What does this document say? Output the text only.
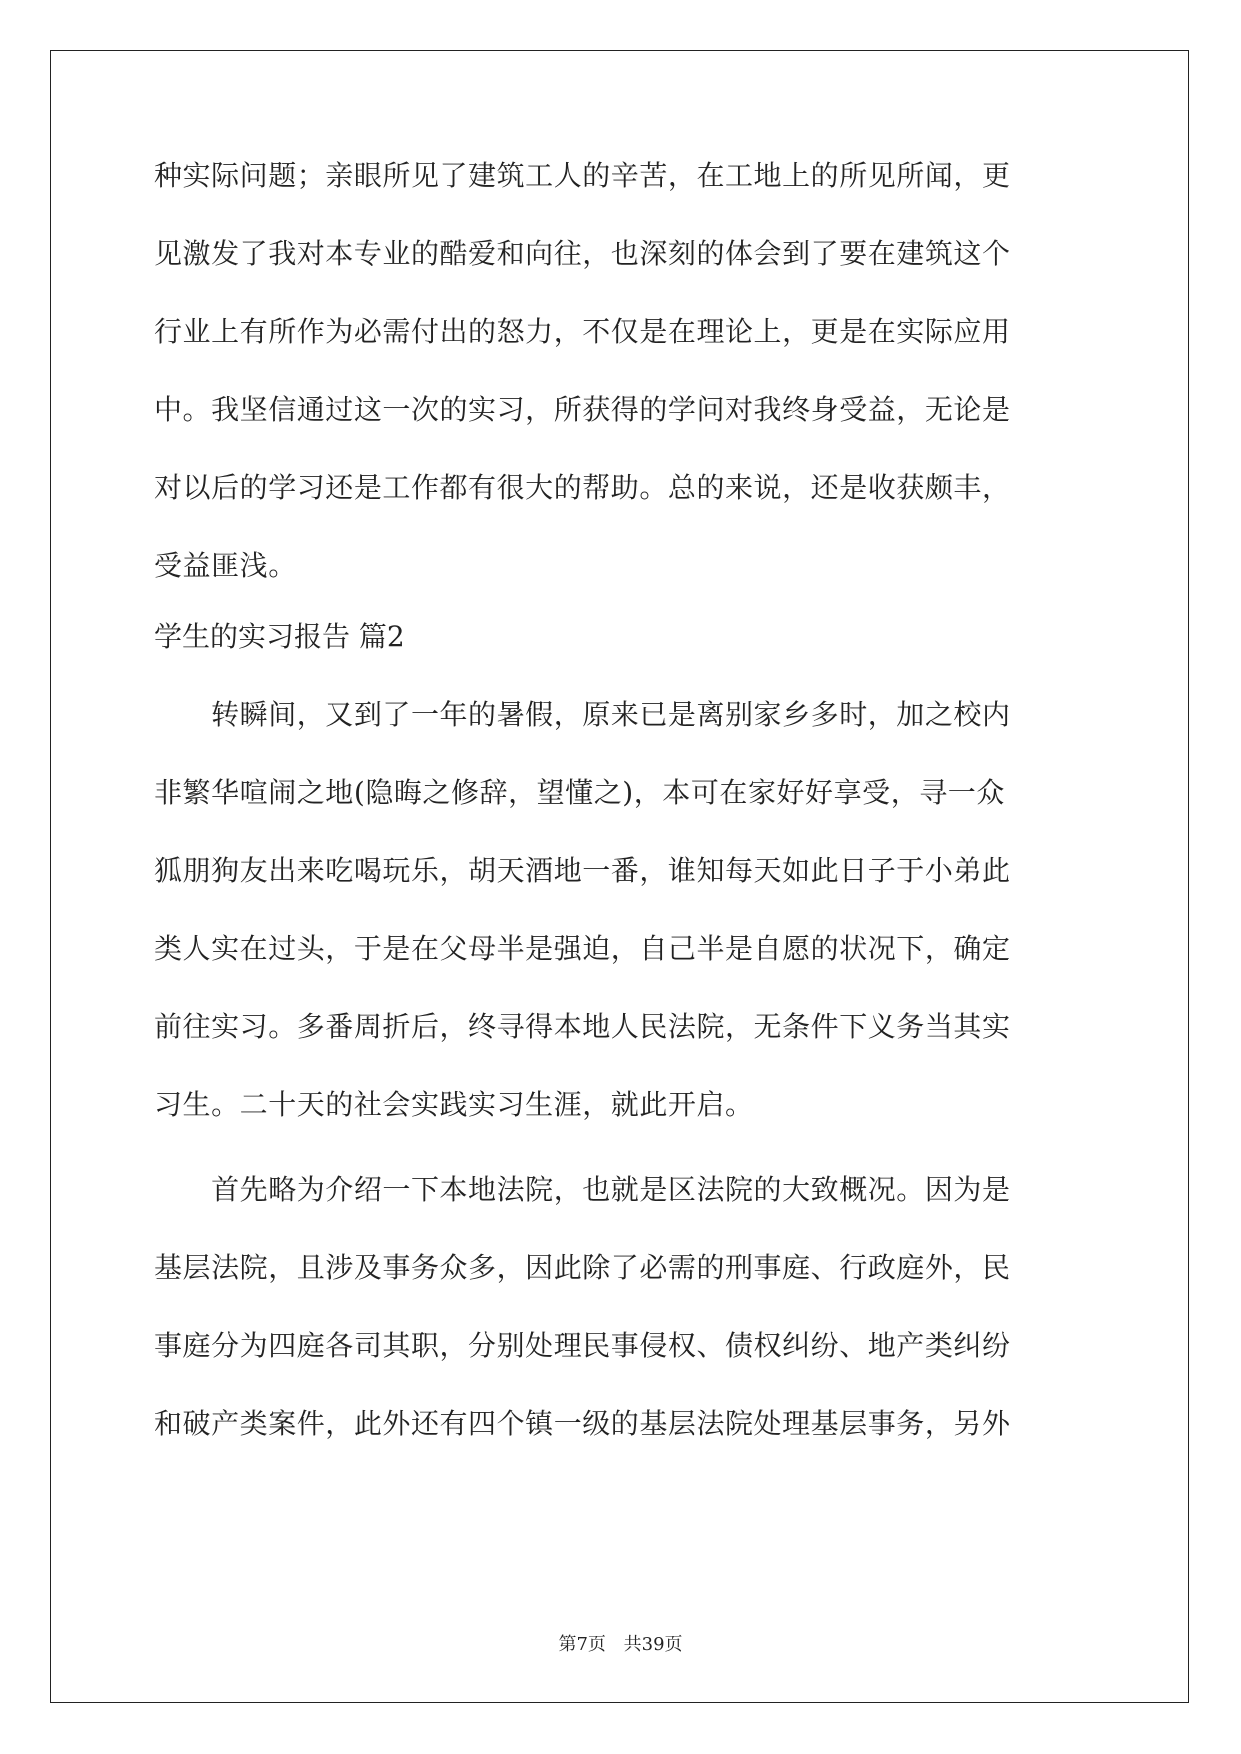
种实际问题；亲眼所见了建筑工人的辛苦，在工地上的所见所闻，更
见激发了我对本专业的酷爱和向往，也深刻的体会到了要在建筑这个
行业上有所作为必需付出的怒力，不仅是在理论上，更是在实际应用
中。我坚信通过这一次的实习，所获得的学问对我终身受益，无论是
对以后的学习还是工作都有很大的帮助。总的来说，还是收获颇丰，
受益匪浅。
学生的实习报告 篇2
　　转瞬间，又到了一年的暑假，原来已是离别家乡多时，加之校内
非繁华喧闹之地(隐晦之修辞，望懂之)，本可在家好好享受，寻一众
狐朋狗友出来吃喝玩乐，胡天酒地一番，谁知每天如此日子于小弟此
类人实在过头，于是在父母半是强迫，自己半是自愿的状况下，确定
前往实习。多番周折后，终寻得本地人民法院，无条件下义务当其实
习生。二十天的社会实践实习生涯，就此开启。
　　首先略为介绍一下本地法院，也就是区法院的大致概况。因为是
基层法院，且涉及事务众多，因此除了必需的刑事庭、行政庭外，民
事庭分为四庭各司其职，分别处理民事侵权、债权纠纷、地产类纠纷
和破产类案件，此外还有四个镇一级的基层法院处理基层事务，另外
第7页 共39页
